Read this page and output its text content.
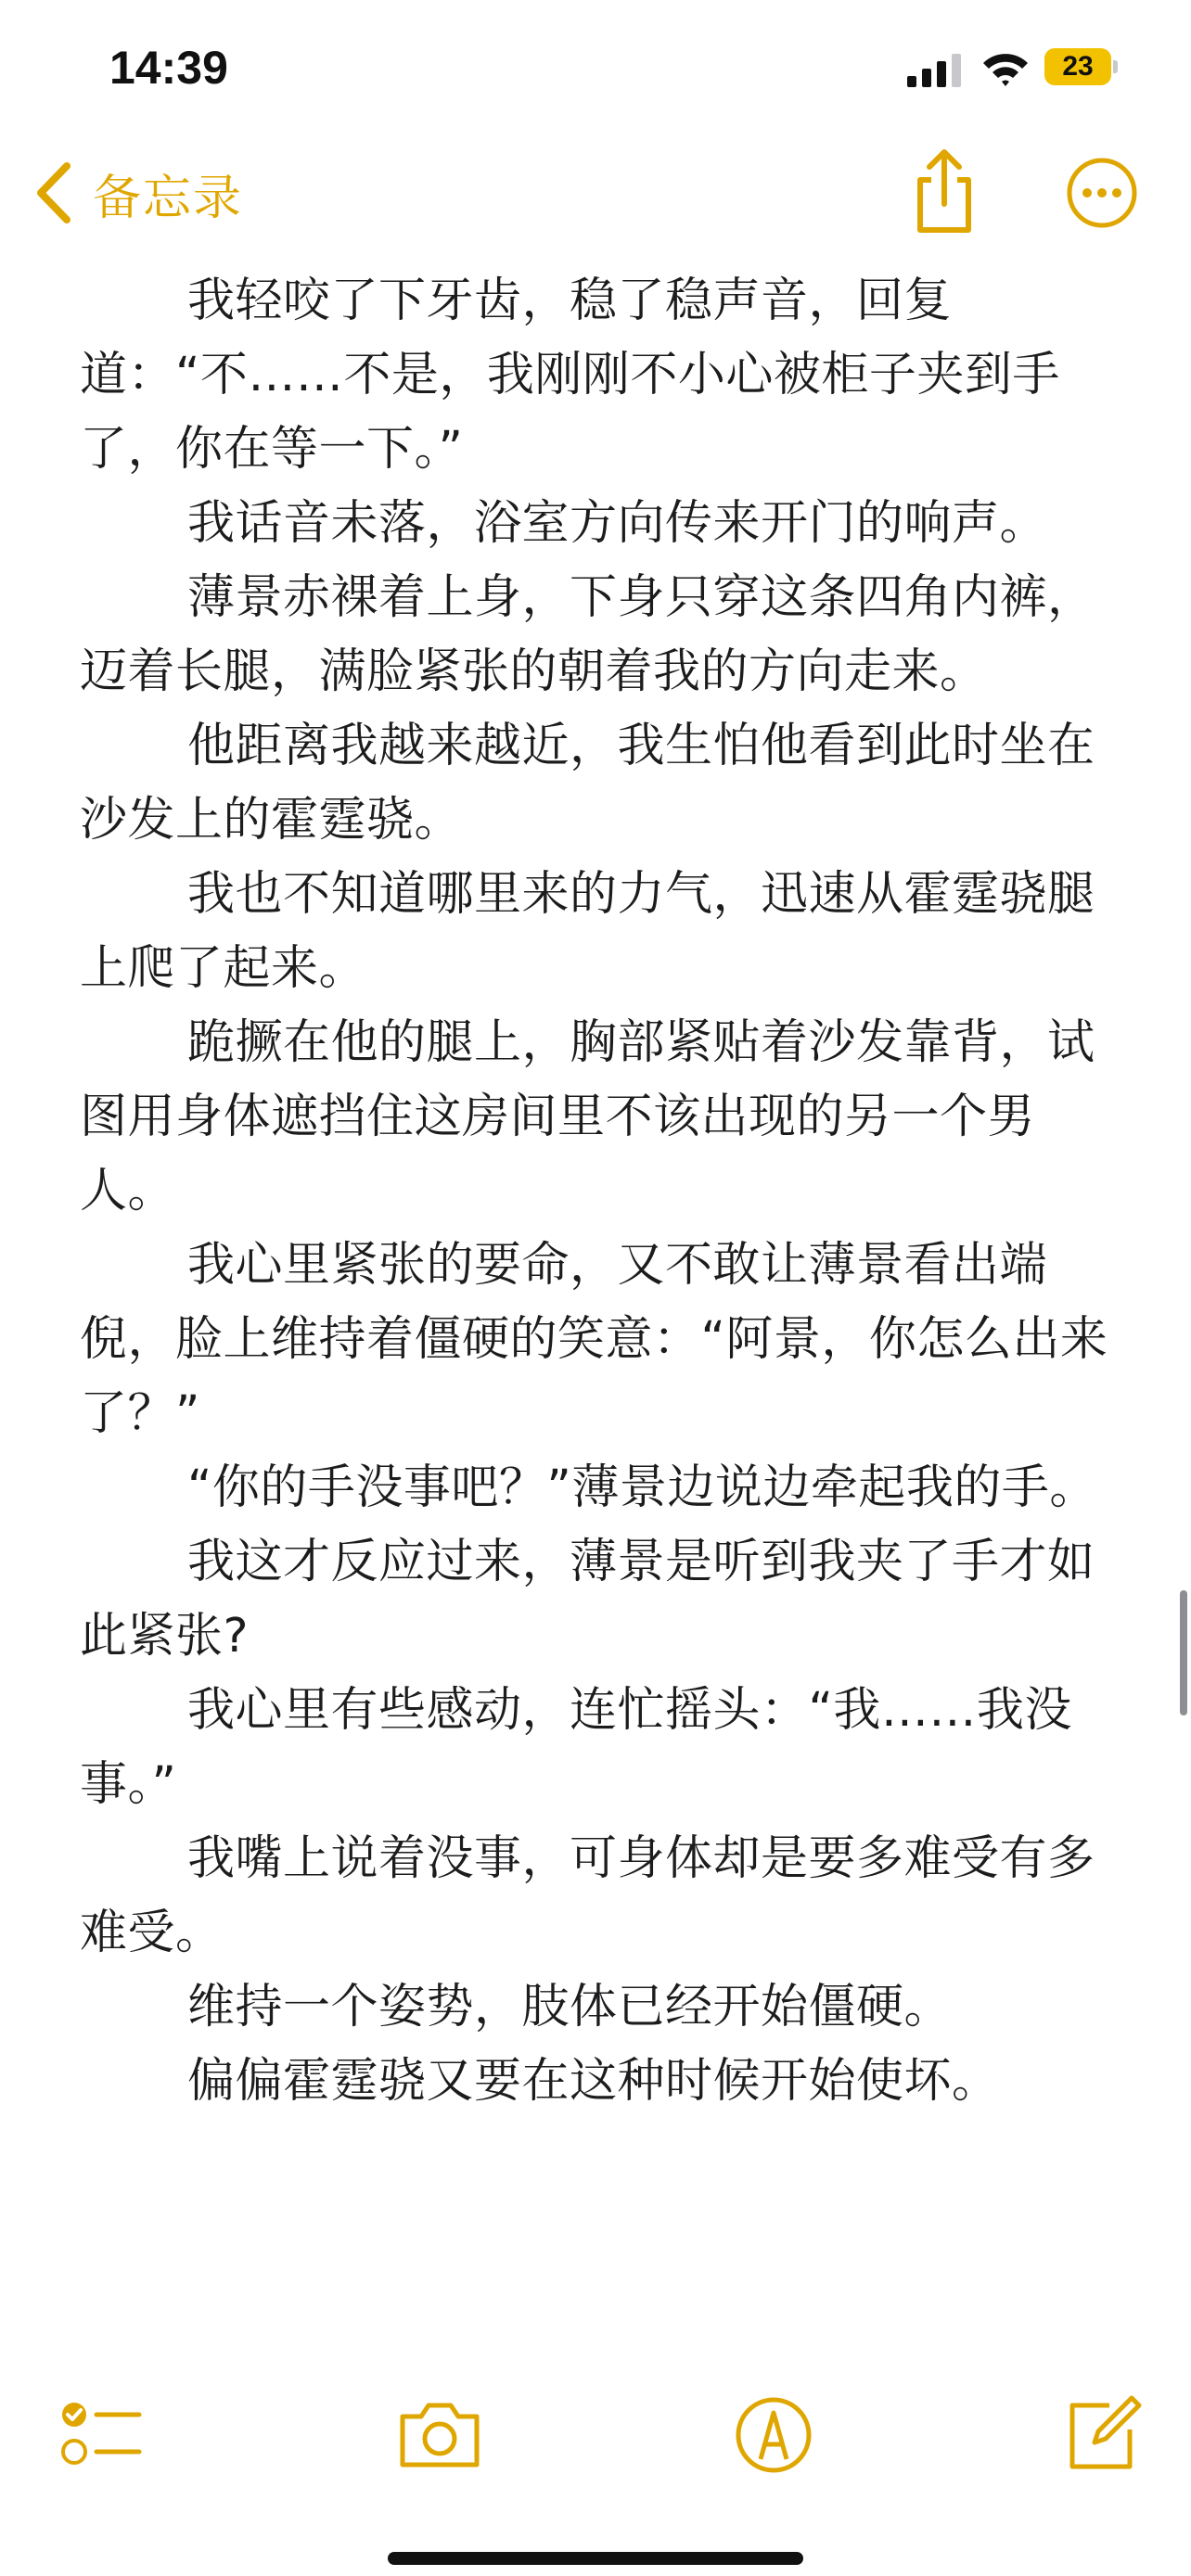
14:39	23
备忘录

我轻咬了下牙齿，稳了稳声音，回复道：“不……不是，我刚刚不小心被柜子夹到手了，你在等一下。”

我话音未落，浴室方向传来开门的响声。

薄景赤裸着上身，下身只穿这条四角内裤，迈着长腿，满脸紧张的朝着我的方向走来。

他距离我越来越近，我生怕他看到此时坐在沙发上的霍霆骁。

我也不知道哪里来的力气，迅速从霍霆骁腿上爬了起来。

跪撅在他的腿上，胸部紧贴着沙发靠背，试图用身体遮挡住这房间里不该出现的另一个男人。

我心里紧张的要命，又不敢让薄景看出端倪，脸上维持着僵硬的笑意：“阿景，你怎么出来了？”

“你的手没事吧？”薄景边说边牵起我的手。

我这才反应过来，薄景是听到我夹了手才如此紧张?

我心里有些感动，连忙摇头：“我……我没事。”

我嘴上说着没事，可身体却是要多难受有多难受。

维持一个姿势，肢体已经开始僵硬。

偏偏霍霆骁又要在这种时候开始使坏。
